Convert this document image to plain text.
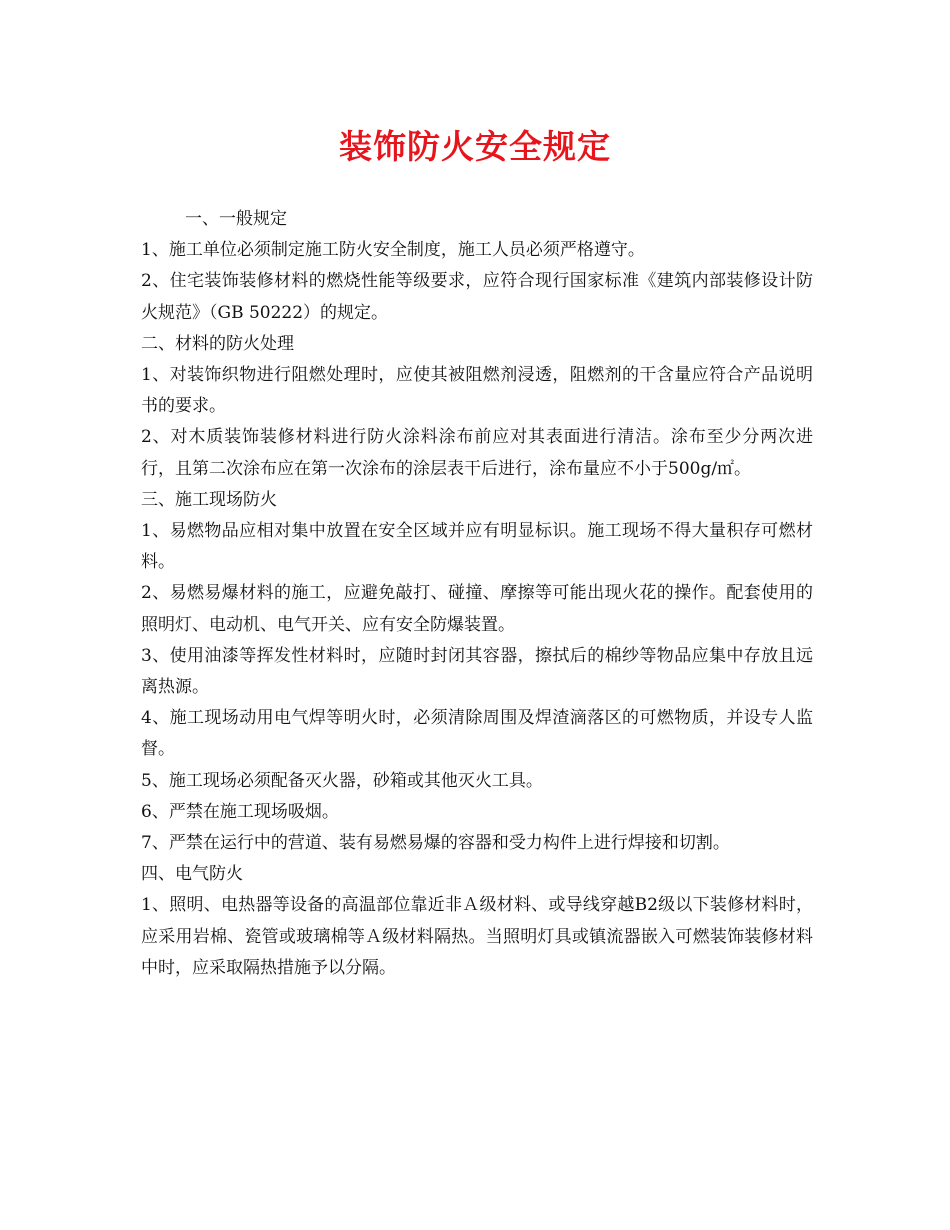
装饰防火安全规定

一、一般规定

1、施工单位必须制定施工防火安全制度，施工人员必须严格遵守。

2、住宅装饰装修材料的燃烧性能等级要求，应符合现行国家标准《建筑内部装修设计防火规范》（GB 50222）的规定。

二、材料的防火处理

1、对装饰织物进行阻燃处理时，应使其被阻燃剂浸透，阻燃剂的干含量应符合产品说明书的要求。

2、对木质装饰装修材料进行防火涂料涂布前应对其表面进行清洁。涂布至少分两次进行，且第二次涂布应在第一次涂布的涂层表干后进行，涂布量应不小于500g/㎡。

三、施工现场防火

1、易燃物品应相对集中放置在安全区域并应有明显标识。施工现场不得大量积存可燃材料。

2、易燃易爆材料的施工，应避免敲打、碰撞、摩擦等可能出现火花的操作。配套使用的照明灯、电动机、电气开关、应有安全防爆装置。

3、使用油漆等挥发性材料时，应随时封闭其容器，擦拭后的棉纱等物品应集中存放且远离热源。

4、施工现场动用电气焊等明火时，必须清除周围及焊渣滴落区的可燃物质，并设专人监督。

5、施工现场必须配备灭火器，砂箱或其他灭火工具。

6、严禁在施工现场吸烟。

7、严禁在运行中的营道、装有易燃易爆的容器和受力构件上进行焊接和切割。

四、电气防火

1、照明、电热器等设备的高温部位靠近非Ａ级材料、或导线穿越B2级以下装修材料时，应采用岩棉、瓷管或玻璃棉等Ａ级材料隔热。当照明灯具或镇流器嵌入可燃装饰装修材料中时，应采取隔热措施予以分隔。
